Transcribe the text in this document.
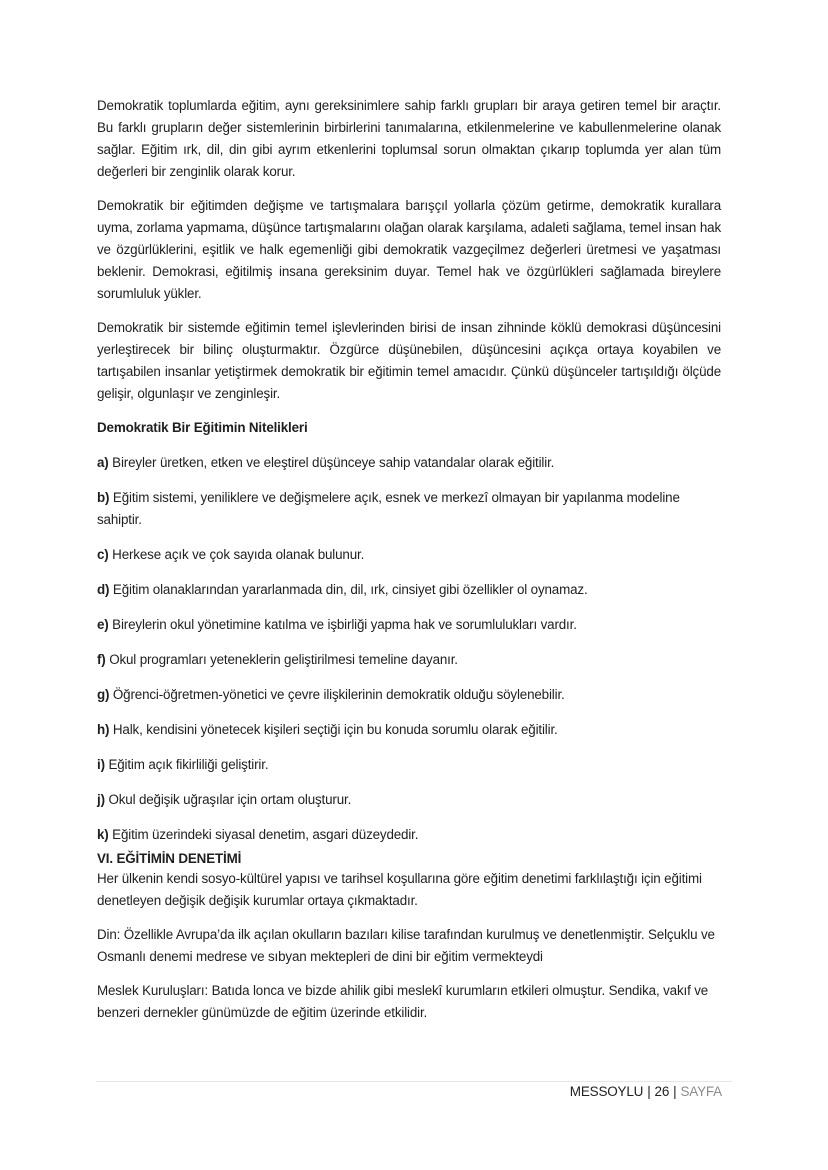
Demokratik toplumlarda eğitim, aynı gereksinimlere sahip farklı grupları bir araya getiren temel bir araçtır. Bu farklı grupların değer sistemlerinin birbirlerini tanımalarına, etkilenmelerine ve kabullenmelerine olanak sağlar. Eğitim ırk, dil, din gibi ayrım etkenlerini toplumsal sorun olmaktan çıkarıp toplumda yer alan tüm değerleri bir zenginlik olarak korur.

Demokratik bir eğitimden değişme ve tartışmalara barışçıl yollarla çözüm getirme, demokratik kurallara uyma, zorlama yapmama, düşünce tartışmalarını olağan olarak karşılama, adaleti sağlama, temel insan hak ve özgürlüklerini, eşitlik ve halk egemenliği gibi demokratik vazgeçilmez değerleri üretmesi ve yaşatması beklenir. Demokrasi, eğitilmiş insana gereksinim duyar. Temel hak ve özgürlükleri sağlamada bireylere sorumluluk yükler.

Demokratik bir sistemde eğitimin temel işlevlerinden birisi de insan zihninde köklü demokrasi düşüncesini yerleştirecek bir bilinç oluşturmaktır. Özgürce düşünebilen, düşüncesini açıkça ortaya koyabilen ve tartışabilen insanlar yetiştirmek demokratik bir eğitimin temel amacıdır. Çünkü düşünceler tartışıldığı ölçüde gelişir, olgunlaşır ve zenginleşir.

Demokratik Bir Eğitimin Nitelikleri

a) Bireyler üretken, etken ve eleştirel düşünceye sahip vatandalar olarak eğitilir.

b) Eğitim sistemi, yeniliklere ve değişmelere açık, esnek ve merkezî olmayan bir yapılanma modeline sahiptir.

c) Herkese açık ve çok sayıda olanak bulunur.

d) Eğitim olanaklarından yararlanmada din, dil, ırk, cinsiyet gibi özellikler ol oynamaz.

e) Bireylerin okul yönetimine katılma ve işbirliği yapma hak ve sorumlulukları vardır.

f) Okul programları yeteneklerin geliştirilmesi temeline dayanır.

g) Öğrenci-öğretmen-yönetici ve çevre ilişkilerinin demokratik olduğu söylenebilir.

h) Halk, kendisini yönetecek kişileri seçtiği için bu konuda sorumlu olarak eğitilir.

i) Eğitim açık fikirliliği geliştirir.

j) Okul değişik uğraşılar için ortam oluşturur.

k) Eğitim üzerindeki siyasal denetim, asgari düzeydedir.

VI. EĞİTİMİN DENETİMİ

Her ülkenin kendi sosyo-kültürel yapısı ve tarihsel koşullarına göre eğitim denetimi farklılaştığı için eğitimi denetleyen değişik değişik kurumlar ortaya çıkmaktadır.

Din: Özellikle Avrupa’da ilk açılan okulların bazıları kilise tarafından kurulmuş ve denetlenmiştir. Selçuklu ve Osmanlı denemi medrese ve sıbyan mektepleri de dini bir eğitim vermekteydi

Meslek Kuruluşları: Batıda lonca ve bizde ahilik gibi meslekî kurumların etkileri olmuştur. Sendika, vakıf ve benzeri dernekler günümüzde de eğitim üzerinde etkilidir.

MESSOYLU | 26 | SAYFA
